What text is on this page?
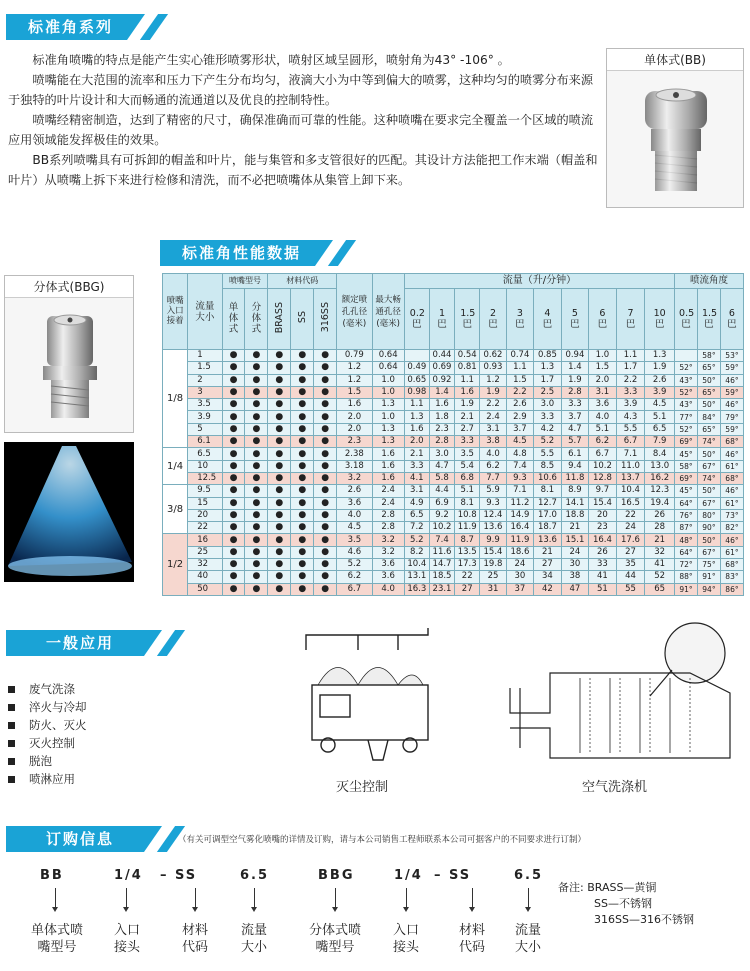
标准角系列

标准角喷嘴的特点是能产生实心锥形喷雾形状，喷射区域呈圆形，喷射角为43° -106° 。

喷嘴能在大范围的流率和压力下产生分布均匀，液滴大小为中等到偏大的喷雾，这种均匀的喷雾分布来源于独特的叶片设计和大而畅通的流通道以及优良的控制特性。

喷嘴经精密制造，达到了精密的尺寸，确保准确而可靠的性能。这种喷嘴在要求完全覆盖一个区域的喷流应用领域能发挥极佳的效果。

BB系列喷嘴具有可拆卸的帽盖和叶片，能与集管和多支管很好的匹配。其设计方法能把工作末端（帽盖和叶片）从喷嘴上拆下来进行检修和清洗，而不必把喷嘴体从集管上卸下来。

单体式(BB)
标准角性能数据
分体式(BBG)
喷嘴入口接着	流量大小	喷嘴型号		材料代码			额定喷孔孔径(毫米)	最大畅通孔径(毫米)	流量（升/分钟）										喷流角度		

		单体式	分体式	BRASS	SS	316SS			0.2 巴	1 巴	1.5 巴	2 巴	3 巴	4 巴	5 巴	6 巴	7 巴	10 巴	0.5 巴	1.5 巴	6 巴
1/8	1	●	●	●	●	●	0.79	0.64		0.44	0.54	0.62	0.74	0.85	0.94	1.0	1.1	1.3		58°	53°
	1.5	●	●	●	●	●	1.2	0.64	0.49	0.69	0.81	0.93	1.1	1.3	1.4	1.5	1.7	1.9	52°	65°	59°
	2	●	●	●	●	●	1.2	1.0	0.65	0.92	1.1	1.2	1.5	1.7	1.9	2.0	2.2	2.6	43°	50°	46°
	3	●	●	●	●	●	1.5	1.0	0.98	1.4	1.6	1.9	2.2	2.5	2.8	3.1	3.3	3.9	52°	65°	59°
	3.5	●	●	●	●	●	1.6	1.3	1.1	1.6	1.9	2.2	2.6	3.0	3.3	3.6	3.9	4.5	43°	50°	46°
	3.9	●	●	●	●	●	2.0	1.0	1.3	1.8	2.1	2.4	2.9	3.3	3.7	4.0	4.3	5.1	77°	84°	79°
	5	●	●	●	●	●	2.0	1.3	1.6	2.3	2.7	3.1	3.7	4.2	4.7	5.1	5.5	6.5	52°	65°	59°
	6.1	●	●	●	●	●	2.3	1.3	2.0	2.8	3.3	3.8	4.5	5.2	5.7	6.2	6.7	7.9	69°	74°	68°
1/4	6.5	●	●	●	●	●	2.38	1.6	2.1	3.0	3.5	4.0	4.8	5.5	6.1	6.7	7.1	8.4	45°	50°	46°
	10	●	●	●	●	●	3.18	1.6	3.3	4.7	5.4	6.2	7.4	8.5	9.4	10.2	11.0	13.0	58°	67°	61°
	12.5	●	●	●	●	●	3.2	1.6	4.1	5.8	6.8	7.7	9.3	10.6	11.8	12.8	13.7	16.2	69°	74°	68°
3/8	9.5	●	●	●	●	●	2.6	2.4	3.1	4.4	5.1	5.9	7.1	8.1	8.9	9.7	10.4	12.3	45°	50°	46°
	15	●	●	●	●	●	3.6	2.4	4.9	6.9	8.1	9.3	11.2	12.7	14.1	15.4	16.5	19.4	64°	67°	61°
	20	●	●	●	●	●	4.0	2.8	6.5	9.2	10.8	12.4	14.9	17.0	18.8	20	22	26	76°	80°	73°
	22	●	●	●	●	●	4.5	2.8	7.2	10.2	11.9	13.6	16.4	18.7	21	23	24	28	87°	90°	82°
1/2	16	●	●	●	●	●	3.5	3.2	5.2	7.4	8.7	9.9	11.9	13.6	15.1	16.4	17.6	21	48°	50°	46°
	25	●	●	●	●	●	4.6	3.2	8.2	11.6	13.5	15.4	18.6	21	24	26	27	32	64°	67°	61°
	32	●	●	●	●	●	5.2	3.6	10.4	14.7	17.3	19.8	24	27	30	33	35	41	72°	75°	68°
	40	●	●	●	●	●	6.2	3.6	13.1	18.5	22	25	30	34	38	41	44	52	88°	91°	83°
	50	●	●	●	●	●	6.7	4.0	16.3	23.1	27	31	37	42	47	51	55	65	91°	94°	86°
一般应用
废气洗涤
淬火与冷却
防火、灭火
灭火控制
脱泡
喷淋应用
灭尘控制	空气洗涤机
订购信息	（有关可调型空气雾化喷嘴的详情及订购，请与本公司销售工程师联系本公司可据客户的不同要求进行订制）
BB	1/4 – SS	6.5	BBG	1/4 – SS	6.5
单体式喷嘴型号
入口接头
材料代码
流量大小
分体式喷嘴型号
入口接头
材料代码
流量大小
备注: BRASS—黄铜
SS—不锈钢
316SS—316不锈钢
